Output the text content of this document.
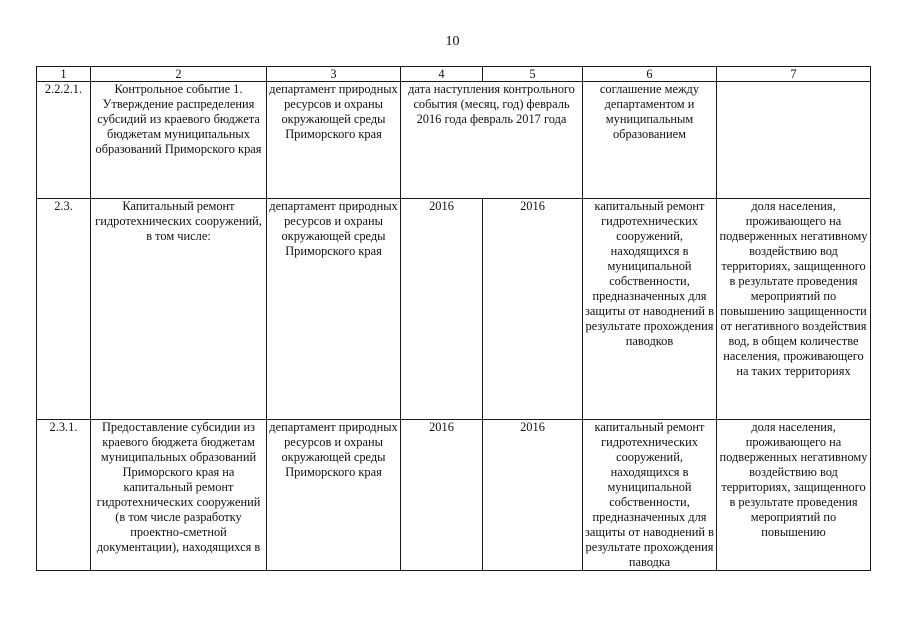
10
1	2	3	4	5	6	7
2.2.2.1.	Контрольное событие 1. Утверждение распределения субсидий из краевого бюджета бюджетам муниципальных образований Приморского края	департамент природных ресурсов и охраны окружающей среды Приморского края	дата наступления контрольного события (месяц, год) февраль 2016 года февраль 2017 года		соглашение между департаментом и муниципальным образованием	
2.3.	Капитальный ремонт гидротехнических сооружений, в том числе:	департамент природных ресурсов и охраны окружающей среды Приморского края	2016	2016	капитальный ремонт гидротехнических сооружений, находящихся в муниципальной собственности, предназначенных для защиты от наводнений в результате прохождения паводков	доля населения, проживающего на подверженных негативному воздействию вод территориях, защищенного в результате проведения мероприятий по повышению защищенности от негативного воздействия вод, в общем количестве населения, проживающего на таких территориях
2.3.1.	Предоставление субсидии из краевого бюджета бюджетам муниципальных образований Приморского края на капитальный ремонт гидротехнических сооружений (в том числе разработку проектно-сметной документации), находящихся в	департамент природных ресурсов и охраны окружающей среды Приморского края	2016	2016	капитальный ремонт гидротехнических сооружений, находящихся в муниципальной собственности, предназначенных для защиты от наводнений в результате прохождения паводка	доля населения, проживающего на подверженных негативному воздействию вод территориях, защищенного в результате проведения мероприятий по повышению
